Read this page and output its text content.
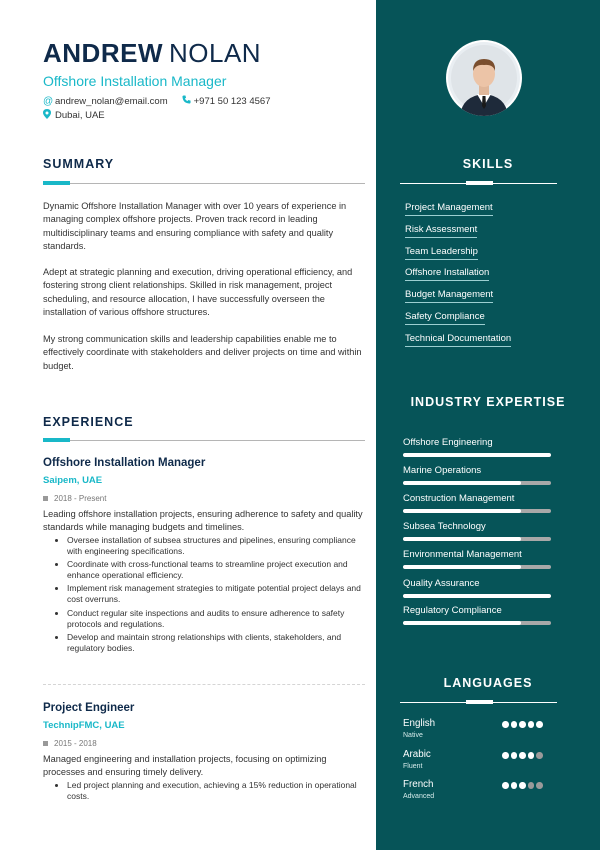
ANDREW NOLAN
Offshore Installation Manager
@ andrew_nolan@email.com	+971 50 123 4567
Dubai, UAE
SUMMARY
Dynamic Offshore Installation Manager with over 10 years of experience in managing complex offshore projects. Proven track record in leading multidisciplinary teams and ensuring compliance with safety and quality standards.
Adept at strategic planning and execution, driving operational efficiency, and fostering strong client relationships. Skilled in risk management, project scheduling, and resource allocation, I have successfully overseen the installation of various offshore structures.
My strong communication skills and leadership capabilities enable me to effectively coordinate with stakeholders and deliver projects on time and within budget.
EXPERIENCE
Offshore Installation Manager
Saipem, UAE
2018 - Present
Leading offshore installation projects, ensuring adherence to safety and quality standards while managing budgets and timelines.
Oversee installation of subsea structures and pipelines, ensuring compliance with engineering specifications.
Coordinate with cross-functional teams to streamline project execution and enhance operational efficiency.
Implement risk management strategies to mitigate potential project delays and cost overruns.
Conduct regular site inspections and audits to ensure adherence to safety protocols and regulations.
Develop and maintain strong relationships with clients, stakeholders, and regulatory bodies.
Project Engineer
TechnipFMC, UAE
2015 - 2018
Managed engineering and installation projects, focusing on optimizing processes and ensuring timely delivery.
Led project planning and execution, achieving a 15% reduction in operational costs.
SKILLS
Project Management
Risk Assessment
Team Leadership
Offshore Installation
Budget Management
Safety Compliance
Technical Documentation
INDUSTRY EXPERTISE
Offshore Engineering
Marine Operations
Construction Management
Subsea Technology
Environmental Management
Quality Assurance
Regulatory Compliance
LANGUAGES
English
Native
Arabic
Fluent
French
Advanced
